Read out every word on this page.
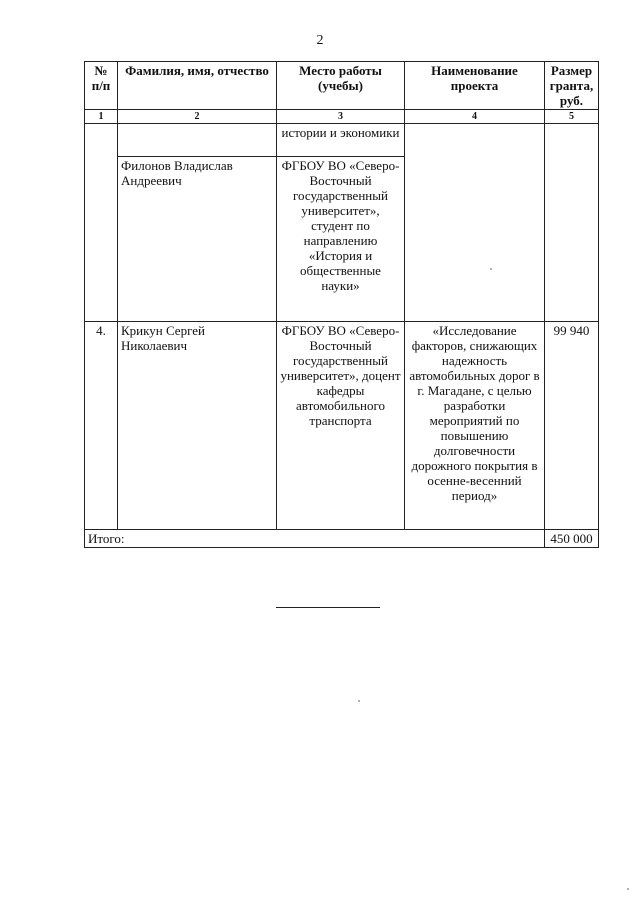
2
№ п/п	Фамилия, имя, отчество	Место работы (учебы)	Наименование проекта	Размер гранта, руб.
1	2	3	4	5
		истории и экономики		
	Филонов Владислав Андреевич	ФГБОУ ВО «Северо-Восточный государственный университет», студент по направлению «История и общественные науки»		
4.	Крикун Сергей Николаевич	ФГБОУ ВО «Северо-Восточный государственный университет», доцент кафедры автомобильного транспорта	«Исследование факторов, снижающих надежность автомобильных дорог в г. Магадане, с целью разработки мероприятий по повышению долговечности дорожного покрытия в осенне-весенний период»	99 940
Итого:				450 000
